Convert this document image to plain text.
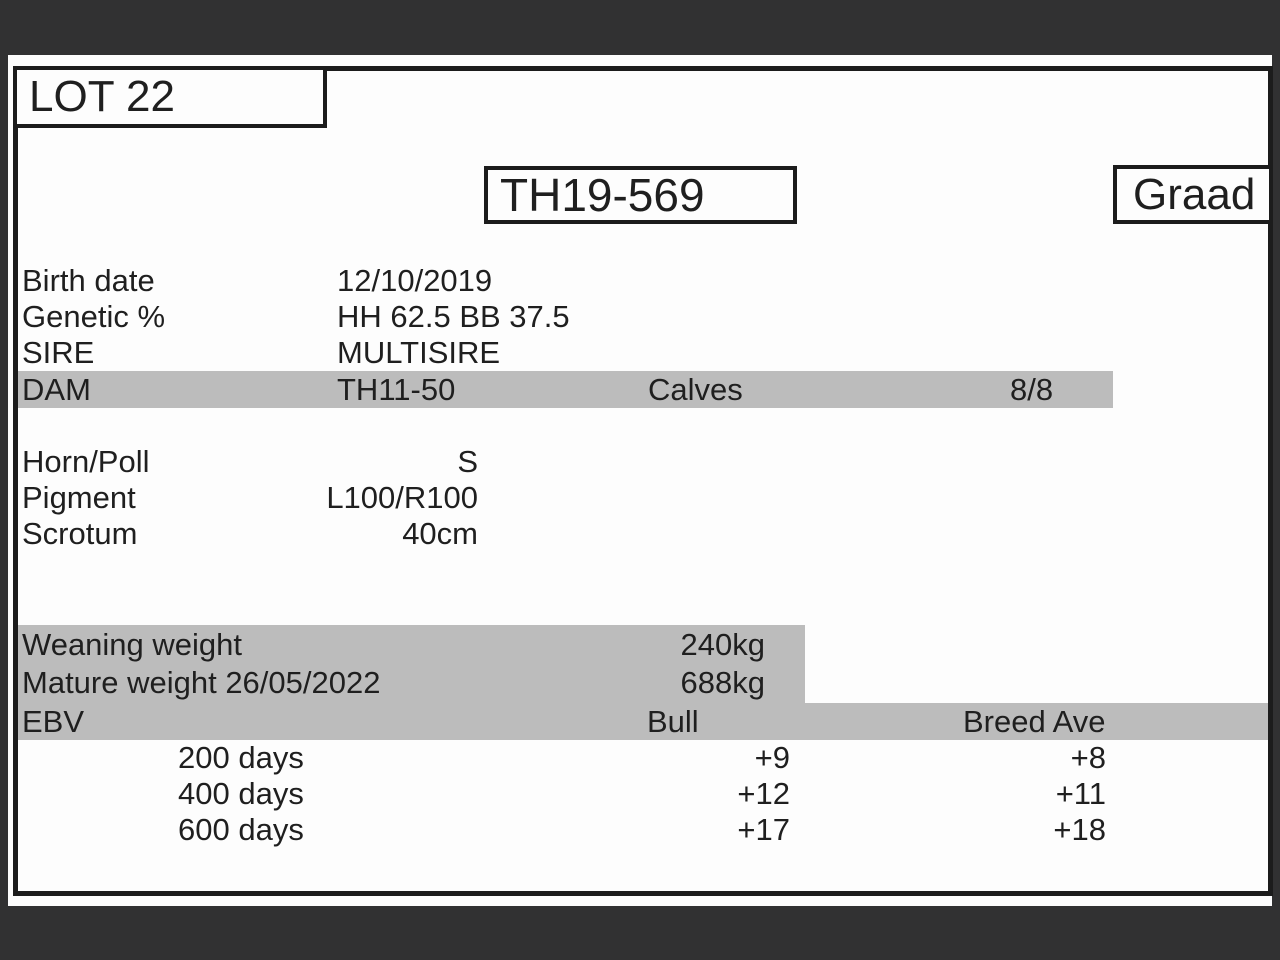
LOT 22
TH19-569	Graad
Birth date	12/10/2019
Genetic %	HH 62.5 BB 37.5
SIRE	MULTISIRE
DAM	TH11-50	Calves	8/8
Horn/Poll	S
Pigment	L100/R100
Scrotum	40cm
Weaning weight	240kg
Mature weight 26/05/2022	688kg
EBV	Bull	Breed Ave
200 days	+9	+8
400 days	+12	+11
600 days	+17	+18
